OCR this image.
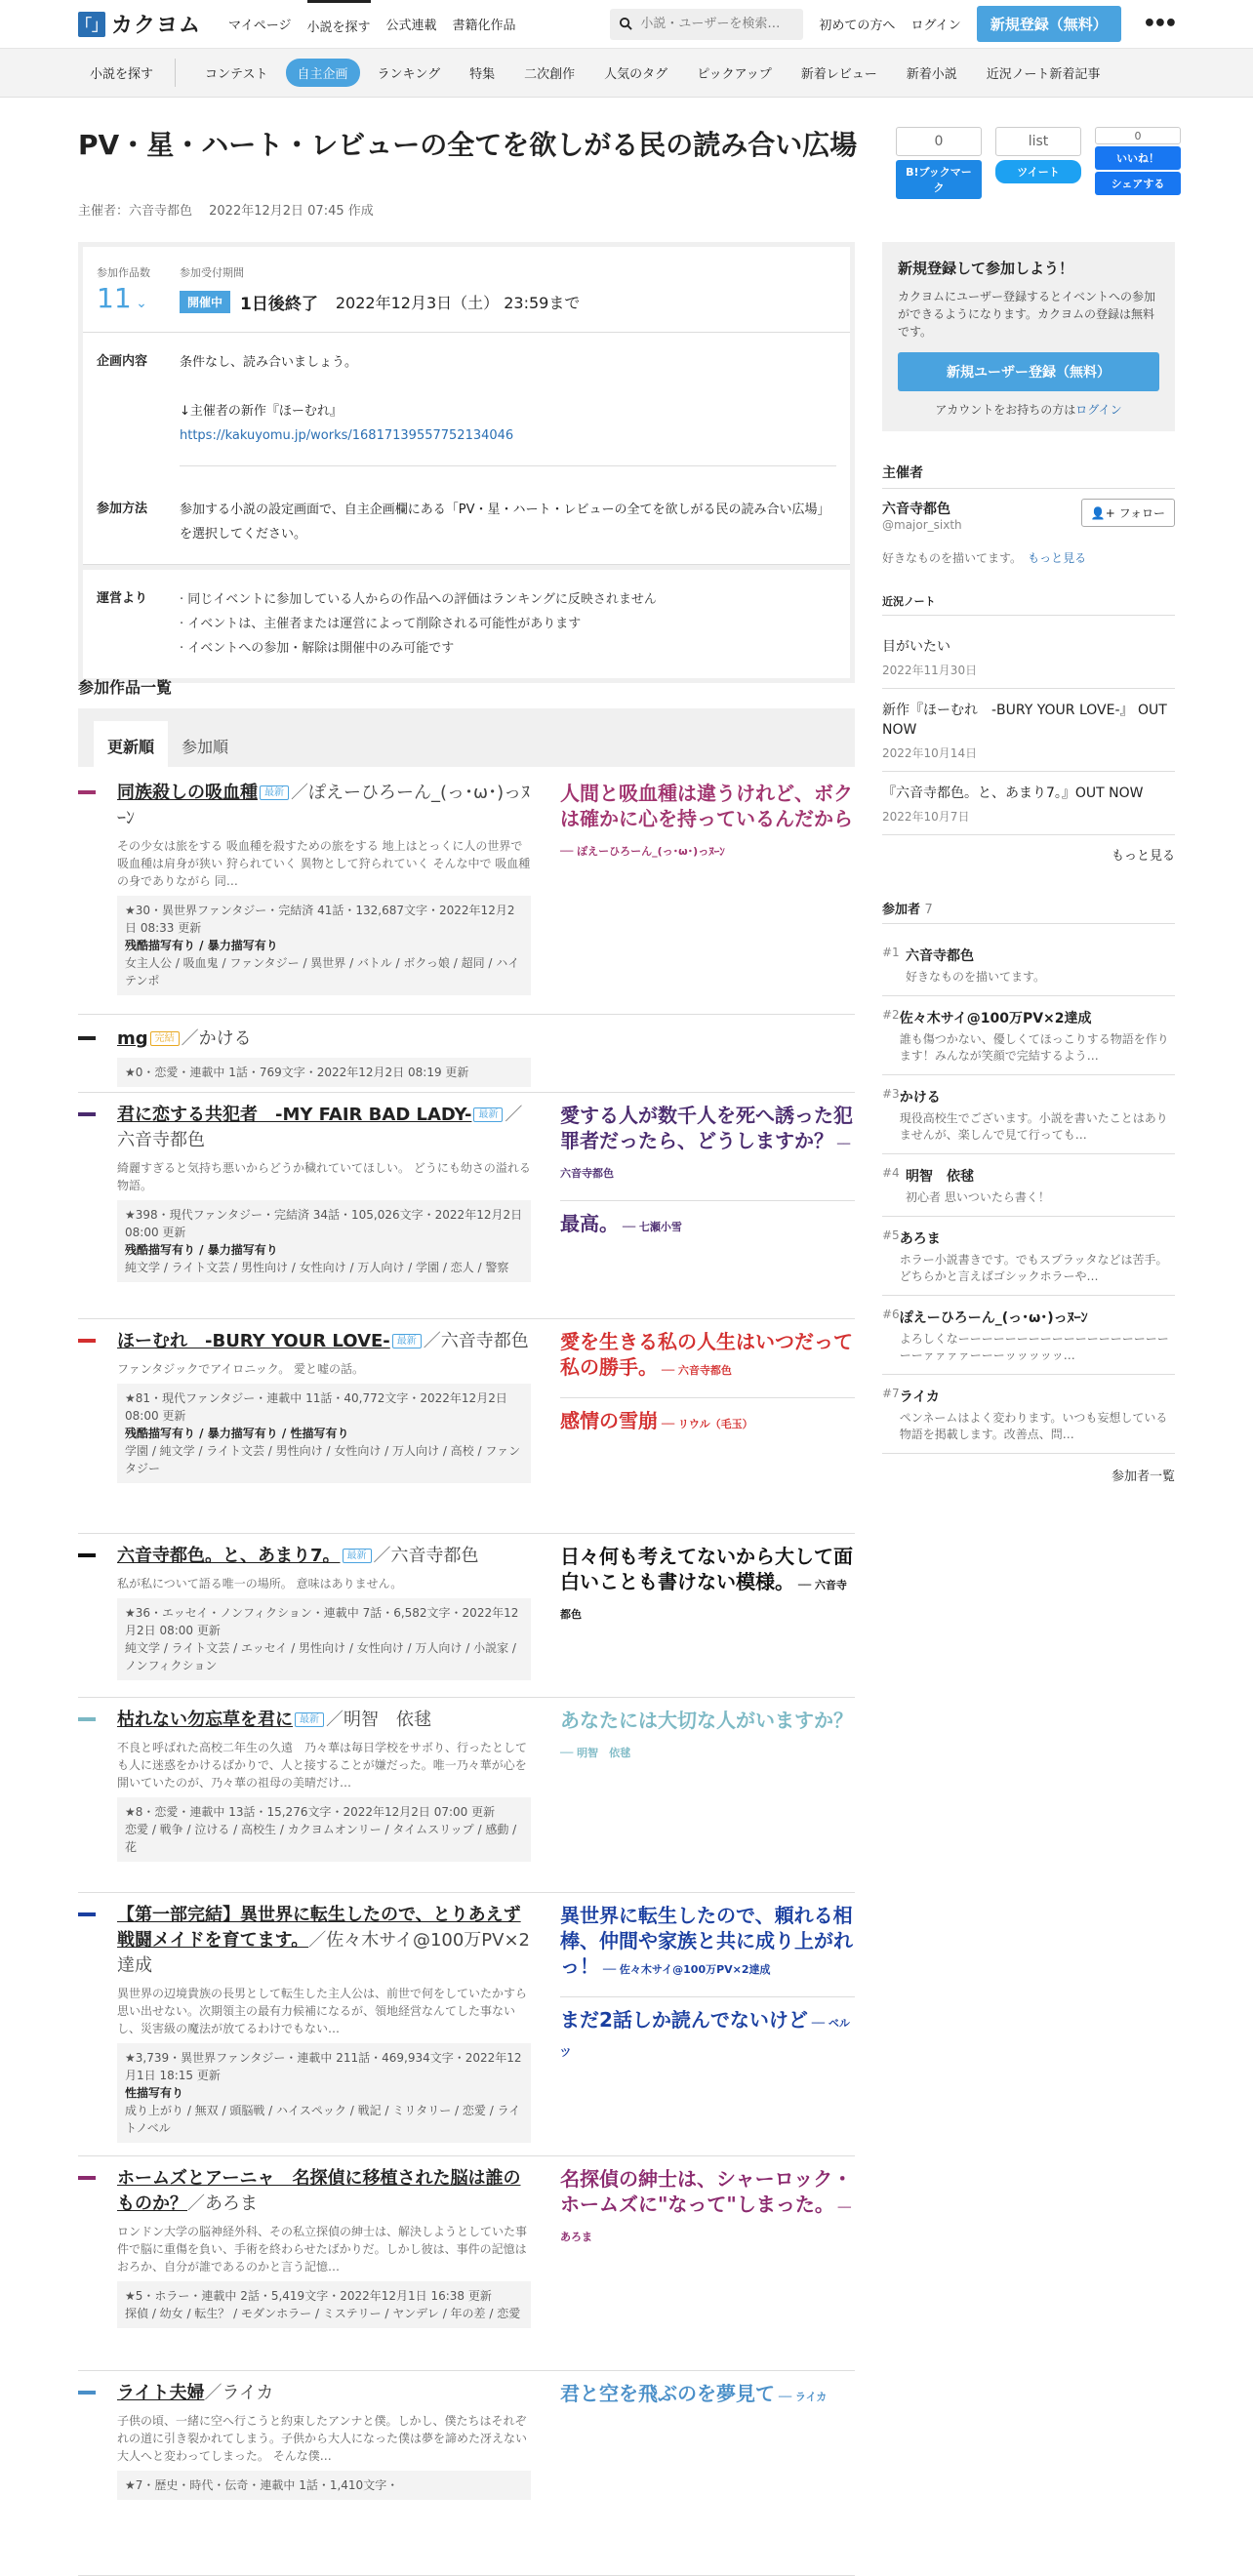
「」 カクヨム マイページ 小説を探す 公式連載 書籍化作品
小説・ユーザーを検索…	初めての方へ ログイン	新規登録（無料）	•••
小説を探す	コンテスト	自主企画	ランキング	特集	二次創作	人気のタグ	ピックアップ	新着レビュー	新着小説	近況ノート新着記事
PV・星・ハート・レビューの全てを欲しがる民の読み合い広場
主催者：六音寺都色　 2022年12月2日 07:45 作成
0
B!ブックマーク
list
ツイート
0
いいね！
シェアする
参加作品数
11 ⌄
参加受付期間
開催中	1日後終了 2022年12月3日（土） 23:59まで
企画内容	条件なし、読み合いましょう。
↓主催者の新作『ほーむれ』
https://kakuyomu.jp/works/16817139557752134046
参加方法	参加する小説の設定画面で、自主企画欄にある「PV・星・ハート・レビューの全てを欲しがる民の読み合い広場」を選択してください。
運営より	· 同じイベントに参加している人からの作品への評価はランキングに反映されません
· イベントは、主催者または運営によって削除される可能性があります
· イベントへの参加・解除は開催中のみ可能です
新規登録して参加しよう！

カクヨムにユーザー登録するとイベントへの参加ができるようになります。カクヨムの登録は無料です。

新規ユーザー登録（無料）
アカウントをお持ちの方はログイン
主催者
六音寺都色
@major_sixth
👤+ フォロー
好きなものを描いてます。　 もっと見る
近況ノート
目がいたい
2022年11月30日
新作『ほーむれ　-BURY YOUR LOVE-』 OUT NOW
2022年10月14日
『六音寺都色。と、あまり7。』OUT NOW
2022年10月7日
もっと見る
参加者 7
#1 六音寺都色
好きなものを描いてます。
#2 佐々木サイ@100万PV×2達成
誰も傷つかない、優しくてほっこりする物語を作ります！みんなが笑顔で完結するよう…
#3 かける
現役高校生でございます。小説を書いたことはありませんが、楽しんで見て行っても…
#4 明智　依毬
初心者 思いついたら書く！
#5 あろま
ホラー小説書きです。でもスプラッタなどは苦手。どちらかと言えばゴシックホラーや…
#6 ぽえーひろーん_(っ･ω･)っﾇｰﾝ
よろしくなーーーーーーーーーーーーーーーーーーーーァァァァーーーッッッッッ…
#7 ライカ
ペンネームはよく変わります。いつも妄想している物語を掲載します。改善点、問…
参加者一覧
参加作品一覧
更新順	参加順
同族殺しの吸血種 最新 ／ぽえーひろーん_(っ･ω･)っﾇｰﾝ
その少女は旅をする 吸血種を殺すための旅をする 地上はとっくに人の世界で 吸血種は肩身が狭い 狩られていく 異物として狩られていく そんな中で 吸血種の身でありながら 同…
★30・異世界ファンタジー・完結済 41話・132,687文字・2022年12月2日 08:33 更新
残酷描写有り / 暴力描写有り
女主人公 / 吸血鬼 / ファンタジー / 異世界 / バトル / ボクっ娘 / 超同 / ハイテンポ
人間と吸血種は違うけれど、ボクは確かに心を持っているんだから ── ぽえーひろーん_(っ･ω･)っﾇｰﾝ
mg 完結 ／かける
★0・恋愛・連載中 1話・769文字・2022年12月2日 08:19 更新
君に恋する共犯者　-MY FAIR BAD LADY- 最新 ／六音寺都色
綺麗すぎると気持ち悪いからどうか穢れていてほしい。 どうにも幼さの溢れる物語。
★398・現代ファンタジー・完結済 34話・105,026文字・2022年12月2日 08:00 更新
残酷描写有り / 暴力描写有り
純文学 / ライト文芸 / 男性向け / 女性向け / 万人向け / 学園 / 恋人 / 警察
愛する人が数千人を死へ誘った犯罪者だったら、どうしますか？ ── 六音寺都色
最高。 ── 七瀬小雪
ほーむれ　-BURY YOUR LOVE- 最新 ／六音寺都色
ファンタジックでアイロニック。 愛と嘘の話。
★81・現代ファンタジー・連載中 11話・40,772文字・2022年12月2日 08:00 更新
残酷描写有り / 暴力描写有り / 性描写有り
学園 / 純文学 / ライト文芸 / 男性向け / 女性向け / 万人向け / 高校 / ファンタジー
愛を生きる私の人生はいつだって私の勝手。 ── 六音寺都色
感情の雪崩 ── リウル（毛玉）
六音寺都色。と、あまり7。 最新 ／六音寺都色
私が私について語る唯一の場所。 意味はありません。
★36・エッセイ・ノンフィクション・連載中 7話・6,582文字・2022年12月2日 08:00 更新
純文学 / ライト文芸 / エッセイ / 男性向け / 女性向け / 万人向け / 小説家 / ノンフィクション
日々何も考えてないから大して面白いことも書けない模様。 ── 六音寺都色
枯れない勿忘草を君に 最新 ／明智　依毬
不良と呼ばれた高校二年生の久遠　乃々華は毎日学校をサボり、行ったとしても人に迷惑をかけるばかりで、人と接することが嫌だった。唯一乃々華が心を開いていたのが、乃々華の祖母の美晴だけ…
★8・恋愛・連載中 13話・15,276文字・2022年12月2日 07:00 更新
恋愛 / 戦争 / 泣ける / 高校生 / カクヨムオンリー / タイムスリップ / 感動 / 花
あなたには大切な人がいますか？ ── 明智　依毬
【第一部完結】異世界に転生したので、とりあえず戦闘メイドを育てます。／佐々木サイ@100万PV×2達成
異世界の辺境貴族の長男として転生した主人公は、前世で何をしていたかすら思い出せない。次期領主の最有力候補になるが、領地経営なんてした事ないし、災害級の魔法が放てるわけでもない…
★3,739・異世界ファンタジー・連載中 211話・469,934文字・2022年12月1日 18:15 更新
性描写有り
成り上がり / 無双 / 頭脳戦 / ハイスペック / 戦記 / ミリタリー / 恋愛 / ライトノベル
異世界に転生したので、頼れる相棒、仲間や家族と共に成り上がれっ！ ── 佐々木サイ@100万PV×2達成
まだ2話しか読んでないけど ── ベルツ
ホームズとアーニャ　名探偵に移植された脳は誰のものか？／あろま
ロンドン大学の脳神経外科、その私立探偵の紳士は、解決しようとしていた事件で脳に重傷を負い、手術を終わらせたばかりだ。しかし彼は、事件の記憶はおろか、自分が誰であるのかと言う記憶…
★5・ホラー・連載中 2話・5,419文字・2022年12月1日 16:38 更新
探偵 / 幼女 / 転生？ / モダンホラー / ミステリー / ヤンデレ / 年の差 / 恋愛
名探偵の紳士は、シャーロック・ホームズに"なって"しまった。 ── あろま
ライト夫婦／ライカ
子供の頃、一緒に空へ行こうと約束したアンナと僕。しかし、僕たちはそれぞれの道に引き裂かれてしまう。子供から大人になった僕は夢を諦めた冴えない大人へと変わってしまった。 そんな僕…
★7・歴史・時代・伝奇・連載中 1話・1,410文字・
君と空を飛ぶのを夢見て ── ライカ
